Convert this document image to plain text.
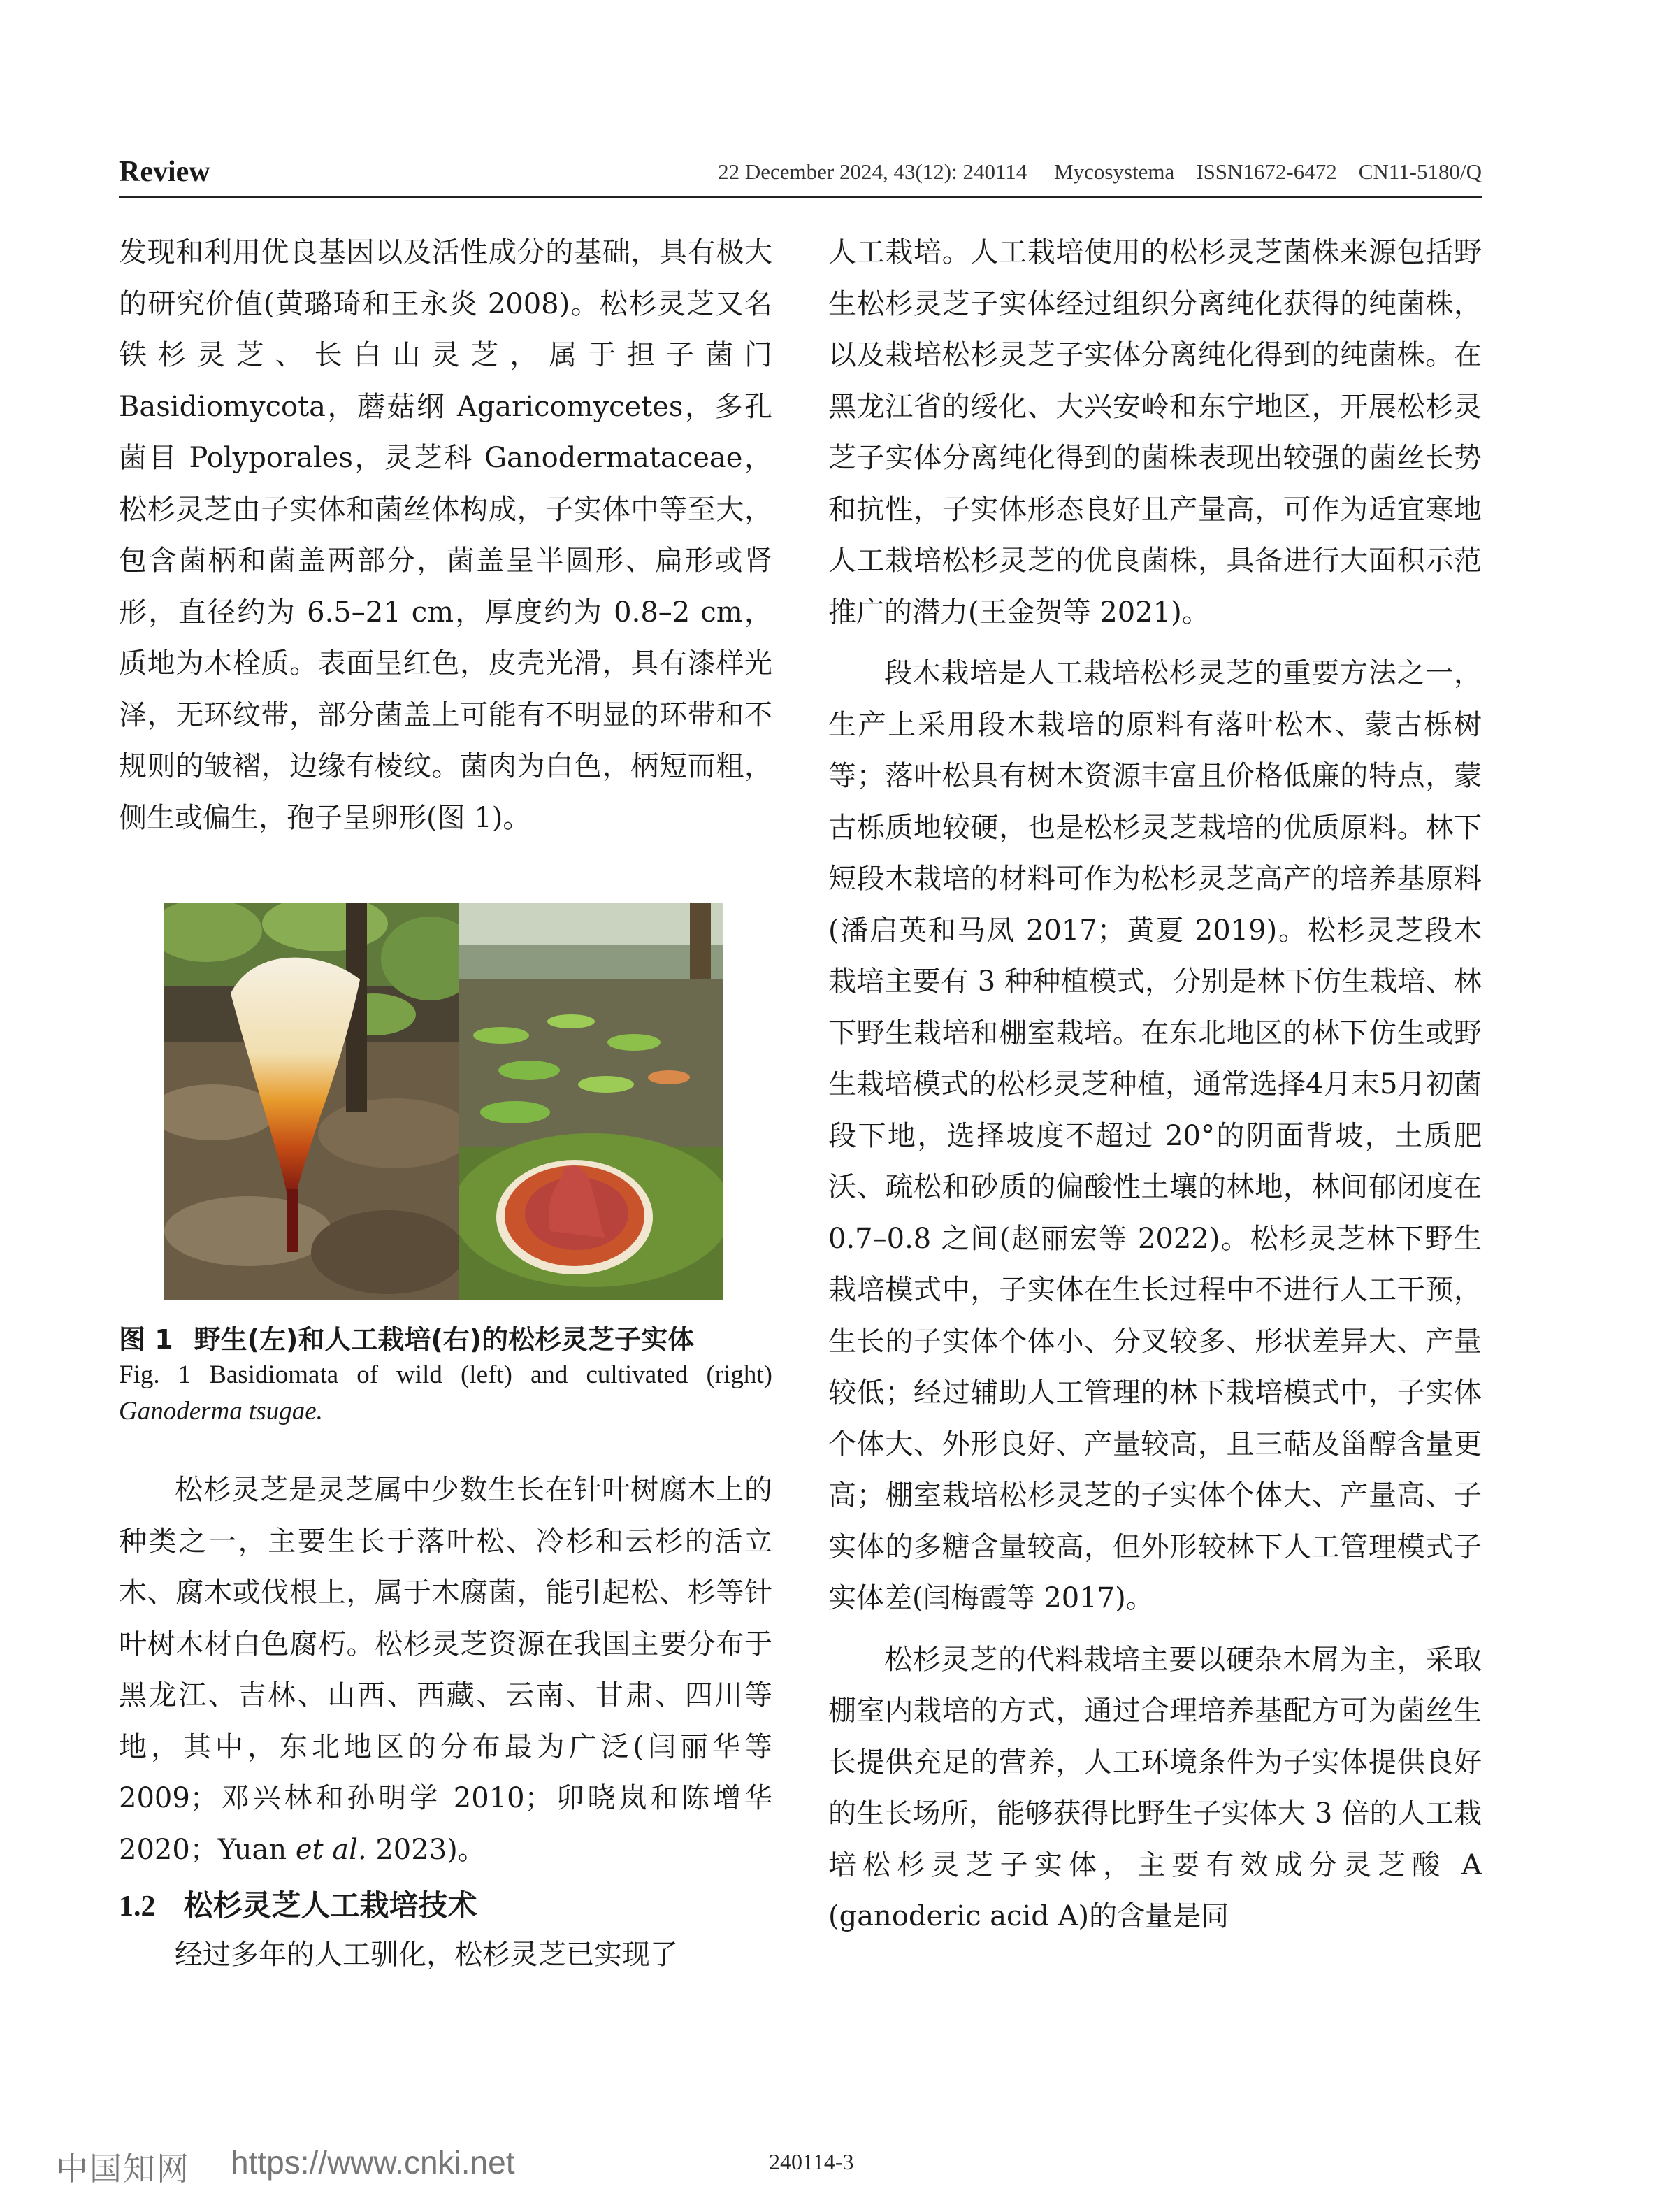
Review	22 December 2024, 43(12): 240114     Mycosystema    ISSN1672-6472    CN11-5180/Q

发现和利用优良基因以及活性成分的基础，具有极大的研究价值(黄璐琦和王永炎 2008)。松杉灵芝又名铁杉灵芝、长白山灵芝，属于担子菌门 Basidiomycota，蘑菇纲 Agaricomycetes，多孔菌目 Polyporales，灵芝科 Ganodermataceae，松杉灵芝由子实体和菌丝体构成，子实体中等至大，包含菌柄和菌盖两部分，菌盖呈半圆形、扁形或肾形，直径约为 6.5–21 cm，厚度约为 0.8–2 cm，质地为木栓质。表面呈红色，皮壳光滑，具有漆样光泽，无环纹带，部分菌盖上可能有不明显的环带和不规则的皱褶，边缘有棱纹。菌肉为白色，柄短而粗，侧生或偏生，孢子呈卵形(图 1)。

图 1 野生(左)和人工栽培(右)的松杉灵芝子实体
Fig. 1 Basidiomata of wild (left) and cultivated (right) Ganoderma tsugae.

松杉灵芝是灵芝属中少数生长在针叶树腐木上的种类之一，主要生长于落叶松、冷杉和云杉的活立木、腐木或伐根上，属于木腐菌，能引起松、杉等针叶树木材白色腐朽。松杉灵芝资源在我国主要分布于黑龙江、吉林、山西、西藏、云南、甘肃、四川等地，其中，东北地区的分布最为广泛(闫丽华等 2009；邓兴林和孙明学 2010；卯晓岚和陈增华 2020；Yuan et al. 2023)。

1.2 松杉灵芝人工栽培技术

经过多年的人工驯化，松杉灵芝已实现了

人工栽培。人工栽培使用的松杉灵芝菌株来源包括野生松杉灵芝子实体经过组织分离纯化获得的纯菌株，以及栽培松杉灵芝子实体分离纯化得到的纯菌株。在黑龙江省的绥化、大兴安岭和东宁地区，开展松杉灵芝子实体分离纯化得到的菌株表现出较强的菌丝长势和抗性，子实体形态良好且产量高，可作为适宜寒地人工栽培松杉灵芝的优良菌株，具备进行大面积示范推广的潜力(王金贺等 2021)。

段木栽培是人工栽培松杉灵芝的重要方法之一，生产上采用段木栽培的原料有落叶松木、蒙古栎树等；落叶松具有树木资源丰富且价格低廉的特点，蒙古栎质地较硬，也是松杉灵芝栽培的优质原料。林下短段木栽培的材料可作为松杉灵芝高产的培养基原料(潘启英和马凤 2017；黄夏 2019)。松杉灵芝段木栽培主要有 3 种种植模式，分别是林下仿生栽培、林下野生栽培和棚室栽培。在东北地区的林下仿生或野生栽培模式的松杉灵芝种植，通常选择4月末5月初菌段下地，选择坡度不超过 20°的阴面背坡，土质肥沃、疏松和砂质的偏酸性土壤的林地，林间郁闭度在 0.7–0.8 之间(赵丽宏等 2022)。松杉灵芝林下野生栽培模式中，子实体在生长过程中不进行人工干预，生长的子实体个体小、分叉较多、形状差异大、产量较低；经过辅助人工管理的林下栽培模式中，子实体个体大、外形良好、产量较高，且三萜及甾醇含量更高；棚室栽培松杉灵芝的子实体个体大、产量高、子实体的多糖含量较高，但外形较林下人工管理模式子实体差(闫梅霞等 2017)。

松杉灵芝的代料栽培主要以硬杂木屑为主，采取棚室内栽培的方式，通过合理培养基配方可为菌丝生长提供充足的营养，人工环境条件为子实体提供良好的生长场所，能够获得比野生子实体大 3 倍的人工栽培松杉灵芝子实体，主要有效成分灵芝酸 A (ganoderic acid A)的含量是同

中国知网 https://www.cnki.net	240114-3
